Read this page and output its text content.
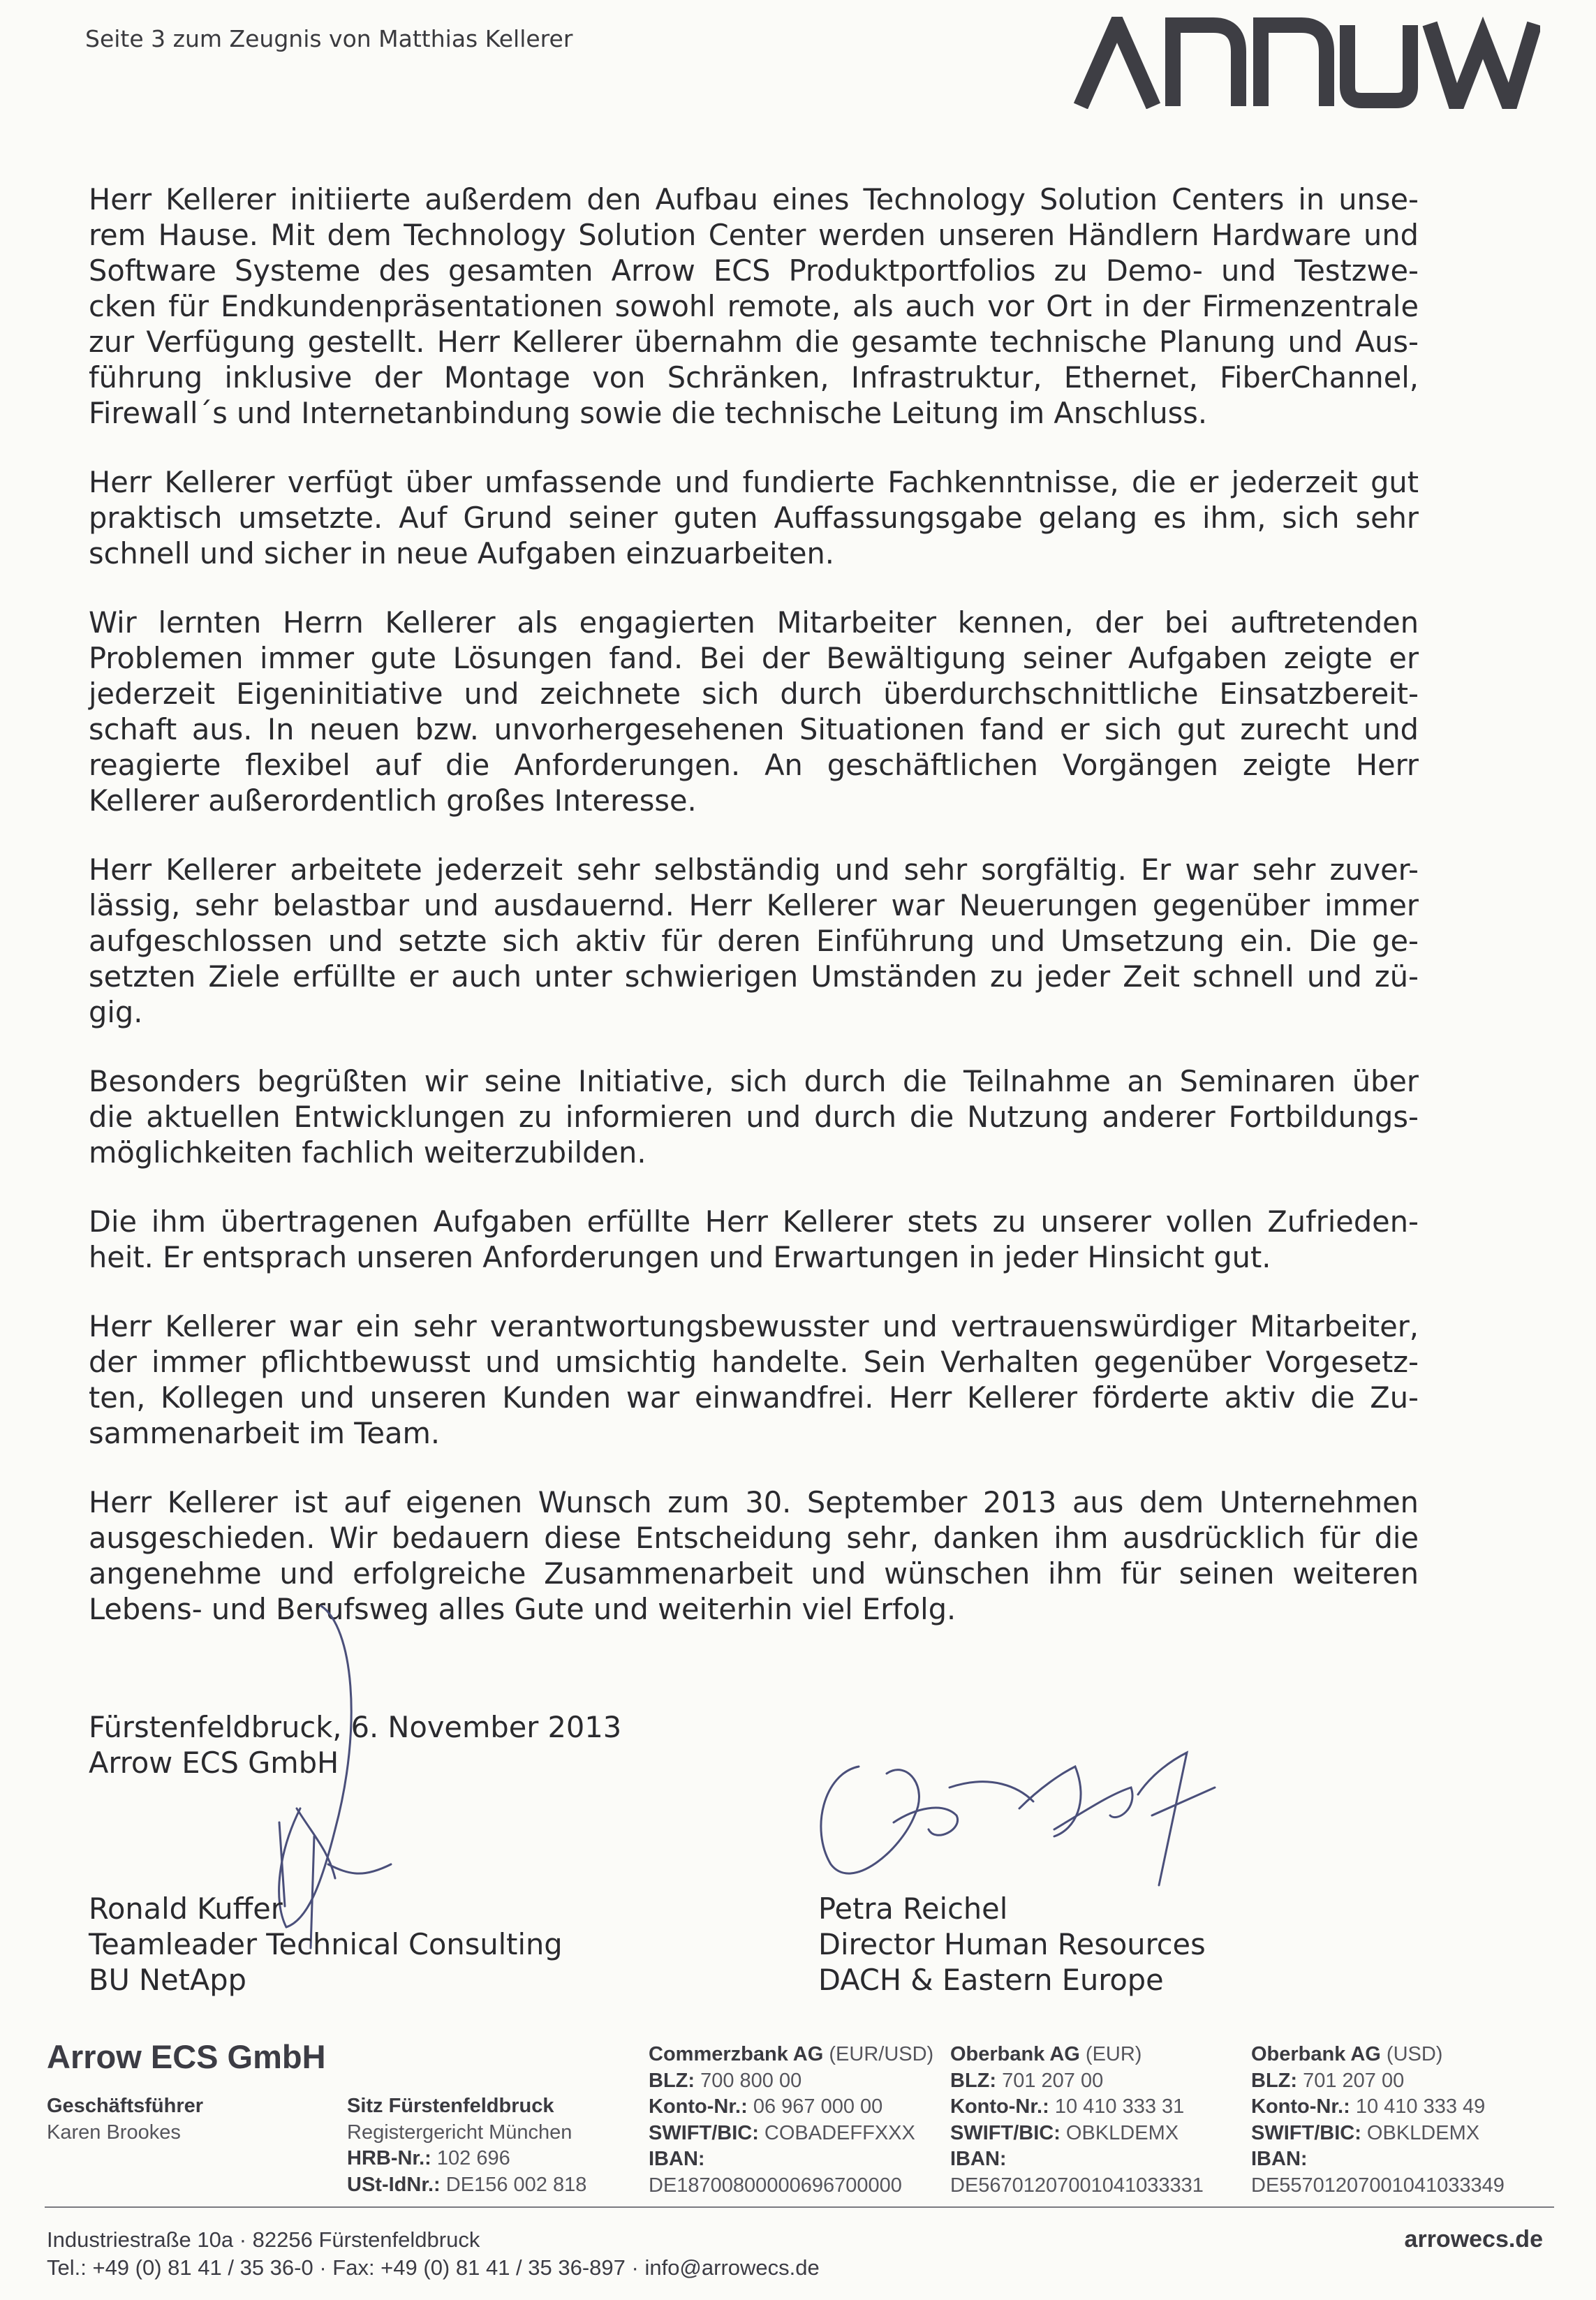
Seite 3 zum Zeugnis von Matthias Kellerer
Herr Kellerer initiierte außerdem den Aufbau eines Technology Solution Centers in unse-
rem Hause. Mit dem Technology Solution Center werden unseren Händlern Hardware und
Software Systeme des gesamten Arrow ECS Produktportfolios zu Demo- und Testzwe-
cken für Endkundenpräsentationen sowohl remote, als auch vor Ort in der Firmenzentrale
zur Verfügung gestellt. Herr Kellerer übernahm die gesamte technische Planung und Aus-
führung inklusive der Montage von Schränken, Infrastruktur, Ethernet, FiberChannel,
Firewall´s und Internetanbindung sowie die technische Leitung im Anschluss.
Herr Kellerer verfügt über umfassende und fundierte Fachkenntnisse, die er jederzeit gut
praktisch umsetzte. Auf Grund seiner guten Auffassungsgabe gelang es ihm, sich sehr
schnell und sicher in neue Aufgaben einzuarbeiten.
Wir lernten Herrn Kellerer als engagierten Mitarbeiter kennen, der bei auftretenden
Problemen immer gute Lösungen fand. Bei der Bewältigung seiner Aufgaben zeigte er
jederzeit Eigeninitiative und zeichnete sich durch überdurchschnittliche Einsatzbereit-
schaft aus. In neuen bzw. unvorhergesehenen Situationen fand er sich gut zurecht und
reagierte flexibel auf die Anforderungen. An geschäftlichen Vorgängen zeigte Herr
Kellerer außerordentlich großes Interesse.
Herr Kellerer arbeitete jederzeit sehr selbständig und sehr sorgfältig. Er war sehr zuver-
lässig, sehr belastbar und ausdauernd. Herr Kellerer war Neuerungen gegenüber immer
aufgeschlossen und setzte sich aktiv für deren Einführung und Umsetzung ein. Die ge-
setzten Ziele erfüllte er auch unter schwierigen Umständen zu jeder Zeit schnell und zü-
gig.
Besonders begrüßten wir seine Initiative, sich durch die Teilnahme an Seminaren über
die aktuellen Entwicklungen zu informieren und durch die Nutzung anderer Fortbildungs-
möglichkeiten fachlich weiterzubilden.
Die ihm übertragenen Aufgaben erfüllte Herr Kellerer stets zu unserer vollen Zufrieden-
heit. Er entsprach unseren Anforderungen und Erwartungen in jeder Hinsicht gut.
Herr Kellerer war ein sehr verantwortungsbewusster und vertrauenswürdiger Mitarbeiter,
der immer pflichtbewusst und umsichtig handelte. Sein Verhalten gegenüber Vorgesetz-
ten, Kollegen und unseren Kunden war einwandfrei. Herr Kellerer förderte aktiv die Zu-
sammenarbeit im Team.
Herr Kellerer ist auf eigenen Wunsch zum 30. September 2013 aus dem Unternehmen
ausgeschieden. Wir bedauern diese Entscheidung sehr, danken ihm ausdrücklich für die
angenehme und erfolgreiche Zusammenarbeit und wünschen ihm für seinen weiteren
Lebens- und Berufsweg alles Gute und weiterhin viel Erfolg.
Fürstenfeldbruck, 6. November 2013
Arrow ECS GmbH
Ronald Kuffer
Teamleader Technical Consulting
BU NetApp
Petra Reichel
Director Human Resources
DACH & Eastern Europe
Arrow ECS GmbH
Geschäftsführer
Karen Brookes
Sitz Fürstenfeldbruck
Registergericht München
HRB-Nr.: 102 696
USt-IdNr.: DE156 002 818
Commerzbank AG (EUR/USD)
BLZ: 700 800 00
Konto-Nr.: 06 967 000 00
SWIFT/BIC: COBADEFFXXX
IBAN:
DE18700800000696700000
Oberbank AG (EUR)
BLZ: 701 207 00
Konto-Nr.: 10 410 333 31
SWIFT/BIC: OBKLDEMX
IBAN:
DE56701207001041033331
Oberbank AG (USD)
BLZ: 701 207 00
Konto-Nr.: 10 410 333 49
SWIFT/BIC: OBKLDEMX
IBAN:
DE55701207001041033349
Industriestraße 10a · 82256 Fürstenfeldbruck
Tel.: +49 (0) 81 41 / 35 36-0 · Fax: +49 (0) 81 41 / 35 36-897 · info@arrowecs.de
arrowecs.de
